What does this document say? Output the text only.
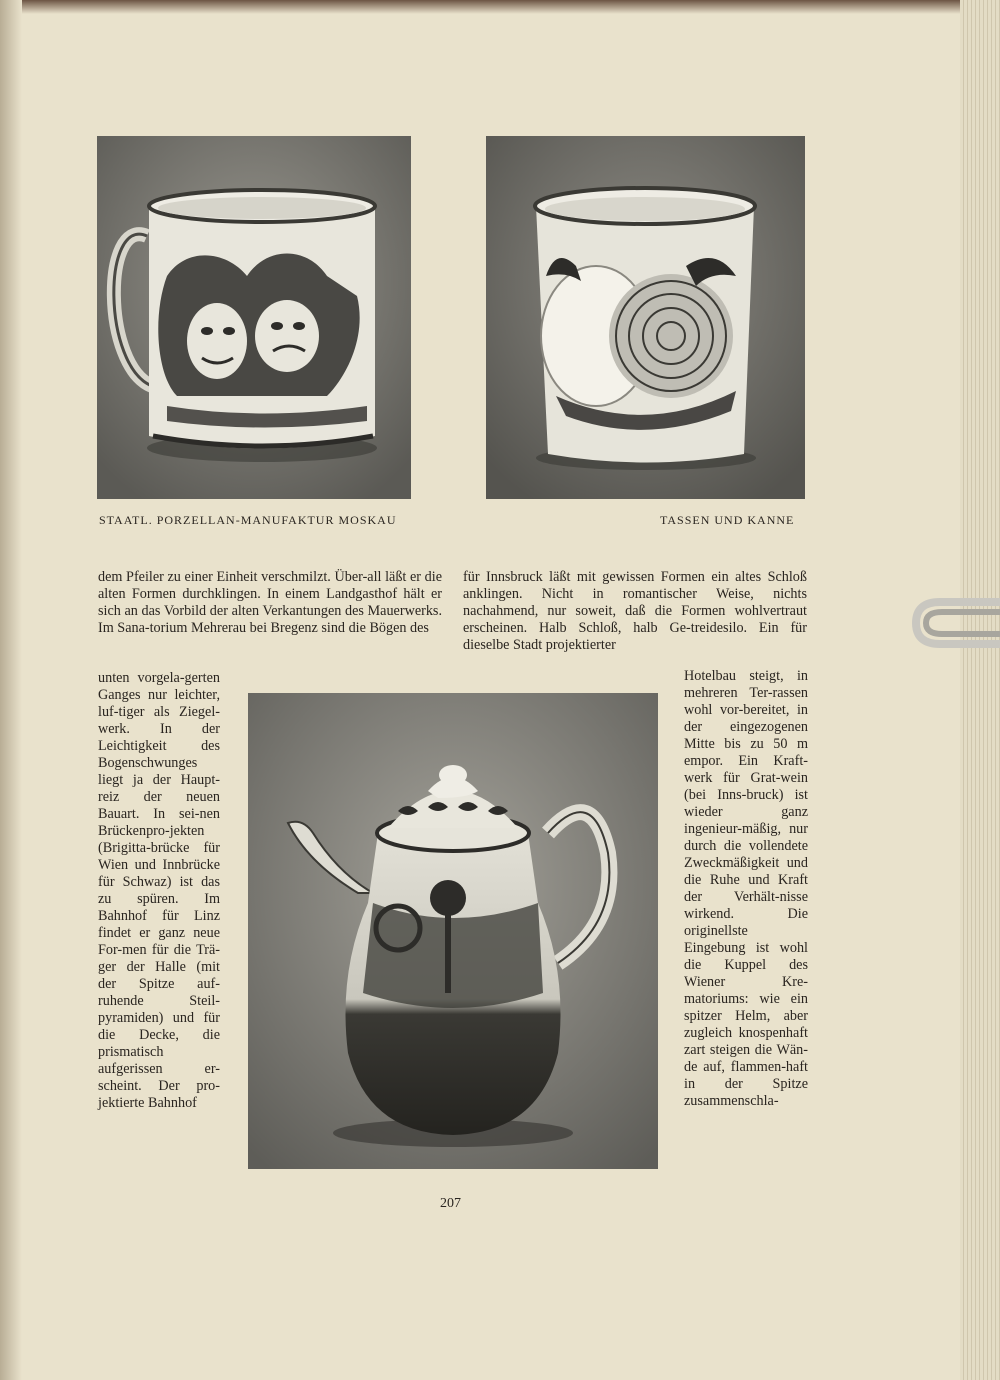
STAATL. PORZELLAN-MANUFAKTUR MOSKAU	TASSEN UND KANNE

dem Pfeiler zu einer Einheit verschmilzt. Über-all läßt er die alten Formen durchklingen. In einem Landgasthof hält er sich an das Vorbild der alten Verkantungen des Mauerwerks. Im Sana-torium Mehrerau bei Bregenz sind die Bögen des

für Innsbruck läßt mit gewissen Formen ein altes Schloß anklingen. Nicht in romantischer Weise, nichts nachahmend, nur soweit, daß die Formen wohlvertraut erscheinen. Halb Schloß, halb Ge-treidesilo. Ein für dieselbe Stadt projektierter

unten vorgela-gerten Ganges nur leichter, luf-tiger als Ziegel-werk. In der Leichtigkeit des Bogenschwunges liegt ja der Haupt-reiz der neuen Bauart. In sei-nen Brückenpro-jekten (Brigitta-brücke für Wien und Innbrücke für Schwaz) ist das zu spüren. Im Bahnhof für Linz findet er ganz neue For-men für die Trä-ger der Halle (mit der Spitze auf-ruhende Steil-pyramiden) und für die Decke, die prismatisch aufgerissen er-scheint. Der pro-jektierte Bahnhof

Hotelbau steigt, in mehreren Ter-rassen wohl vor-bereitet, in der eingezogenen Mitte bis zu 50 m empor. Ein Kraft-werk für Grat-wein (bei Inns-bruck) ist wieder ganz ingenieur-mäßig, nur durch die vollendete Zweckmäßigkeit und die Ruhe und Kraft der Verhält-nisse wirkend. Die originellste Eingebung ist wohl die Kuppel des Wiener Kre-matoriums: wie ein spitzer Helm, aber zugleich knospenhaft zart steigen die Wän-de auf, flammen-haft in der Spitze zusammenschla-

207
